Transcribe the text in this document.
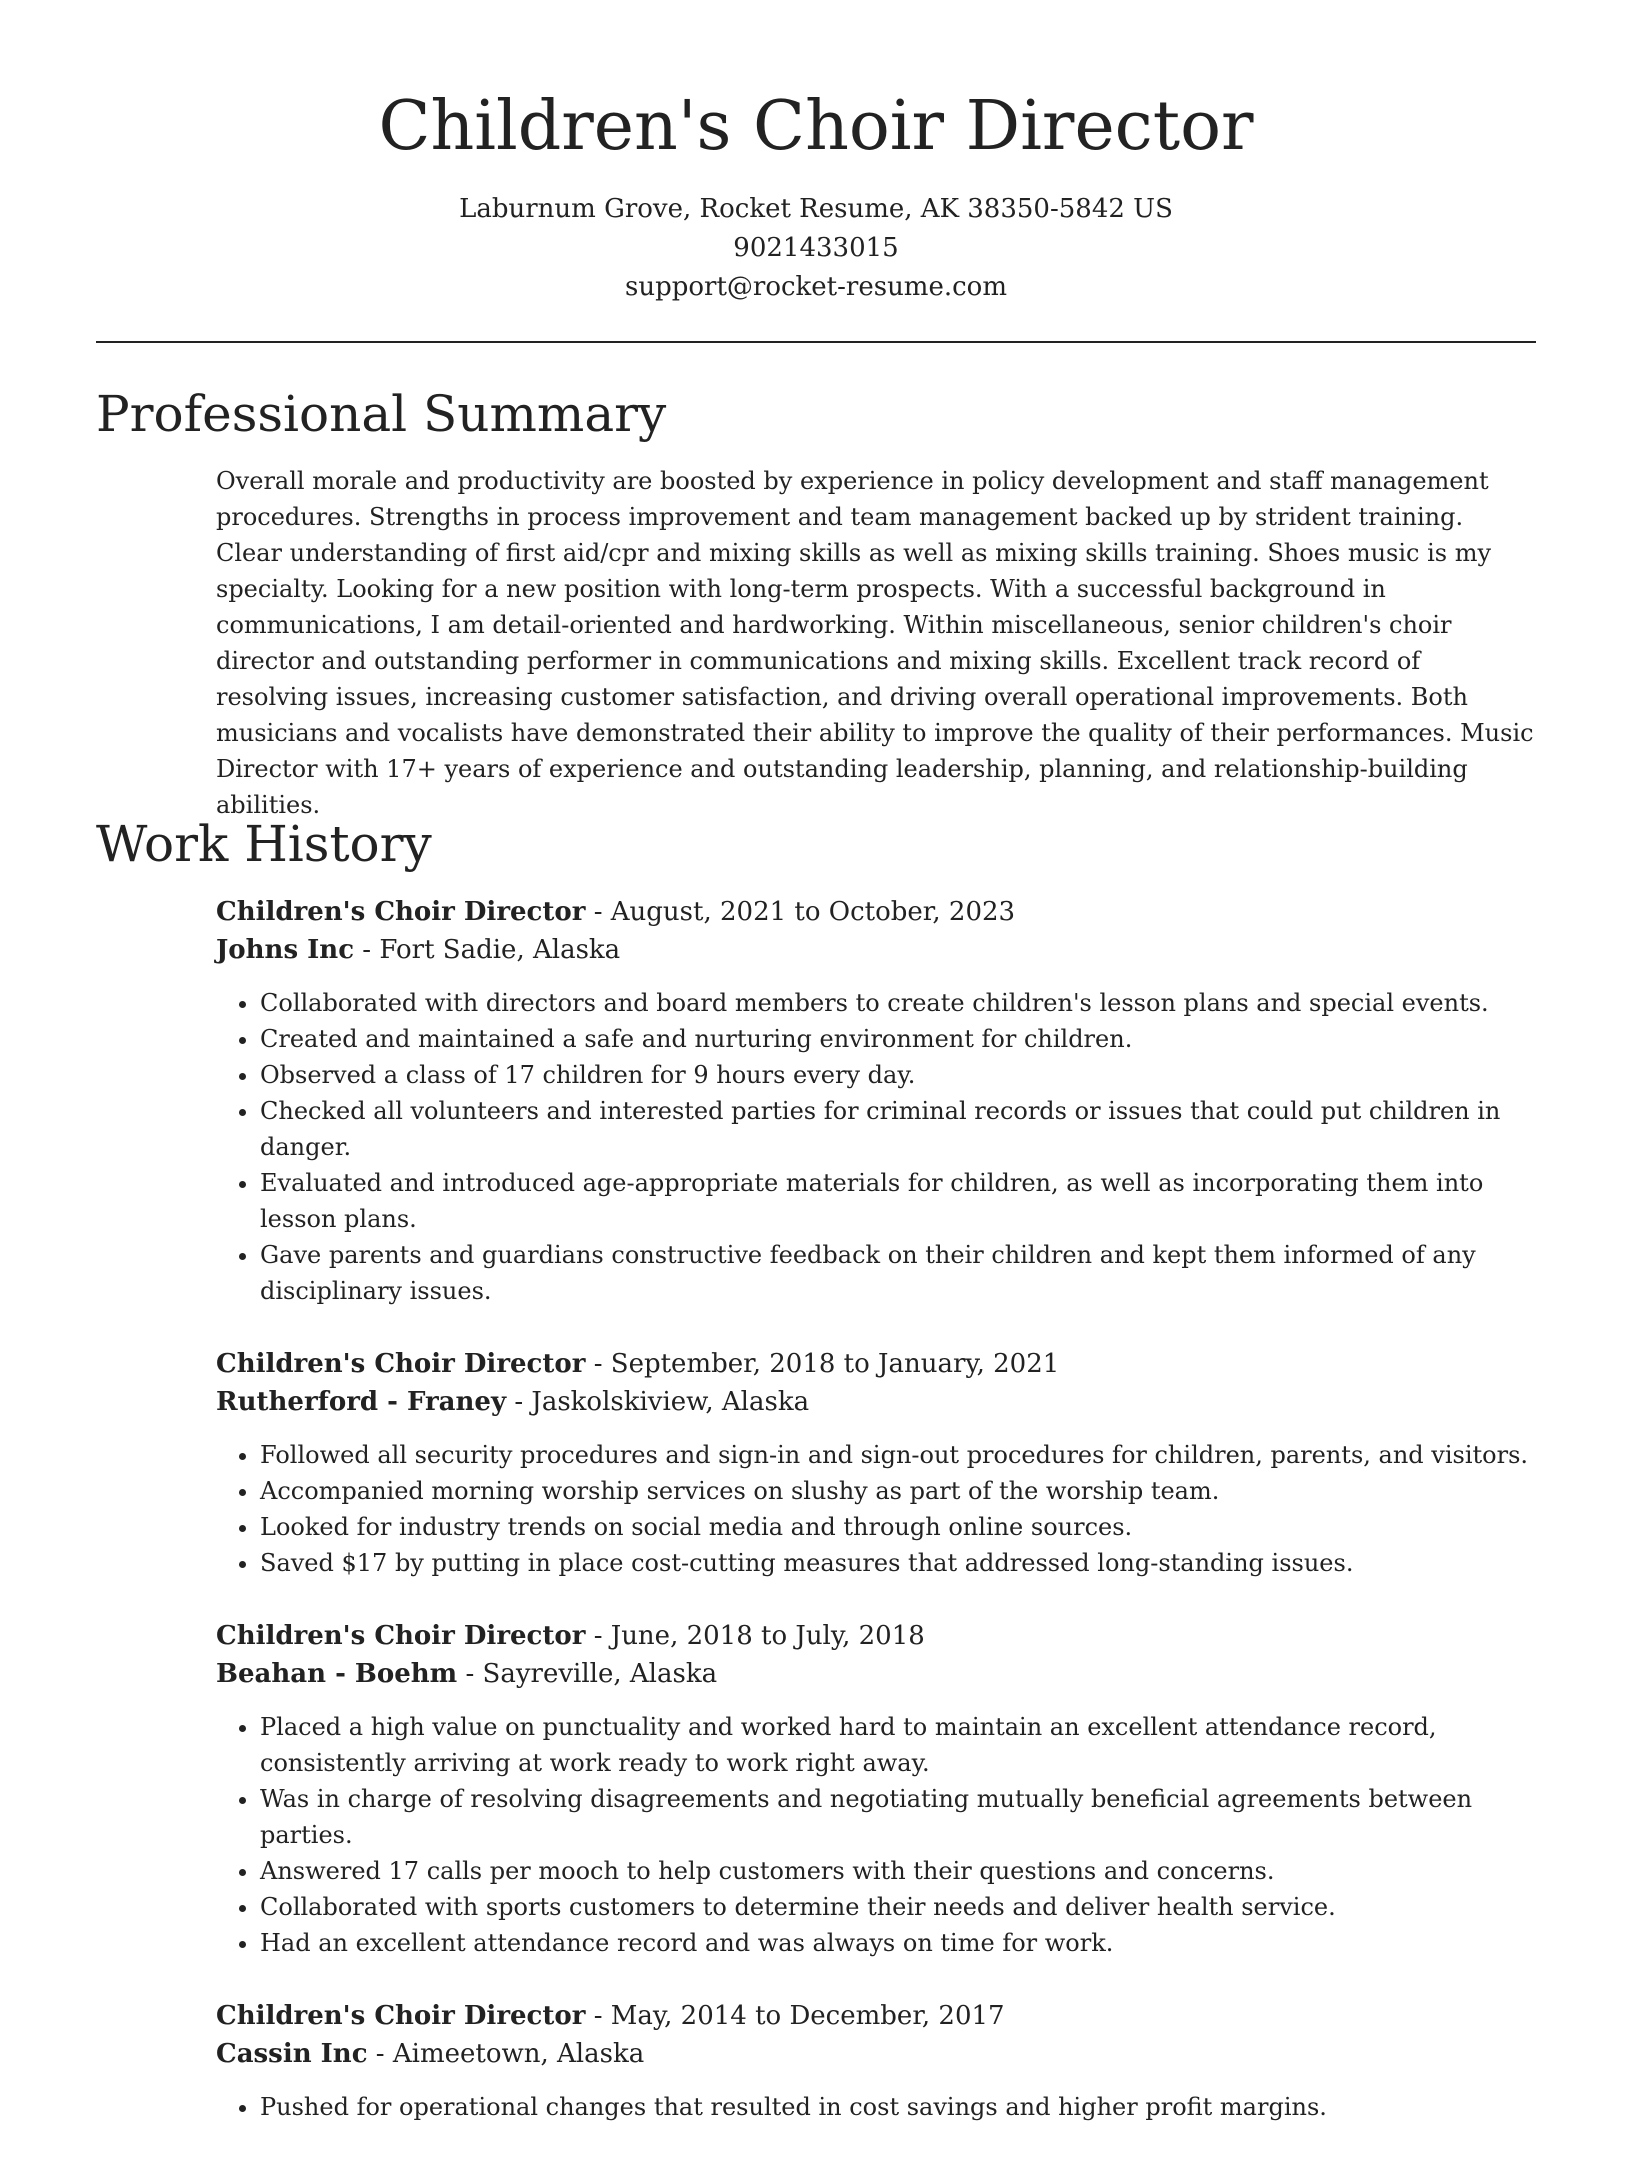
Children's Choir Director
Laburnum Grove, Rocket Resume, AK 38350-5842 US
9021433015
support@rocket-resume.com
Professional Summary

Overall morale and productivity are boosted by experience in policy development and staff management procedures. Strengths in process improvement and team management backed up by strident training. Clear understanding of first aid/cpr and mixing skills as well as mixing skills training. Shoes music is my specialty. Looking for a new position with long-term prospects. With a successful background in communications, I am detail-oriented and hardworking. Within miscellaneous, senior children's choir director and outstanding performer in communications and mixing skills. Excellent track record of resolving issues, increasing customer satisfaction, and driving overall operational improvements. Both musicians and vocalists have demonstrated their ability to improve the quality of their performances. Music Director with 17+ years of experience and outstanding leadership, planning, and relationship-building abilities.

Work History
Children's Choir Director - August, 2021 to October, 2023
Johns Inc - Fort Sadie, Alaska
• Collaborated with directors and board members to create children's lesson plans and special events.
• Created and maintained a safe and nurturing environment for children.
• Observed a class of 17 children for 9 hours every day.
• Checked all volunteers and interested parties for criminal records or issues that could put children in danger.
• Evaluated and introduced age-appropriate materials for children, as well as incorporating them into lesson plans.
• Gave parents and guardians constructive feedback on their children and kept them informed of any disciplinary issues.
Children's Choir Director - September, 2018 to January, 2021
Rutherford - Franey - Jaskolskiview, Alaska
• Followed all security procedures and sign-in and sign-out procedures for children, parents, and visitors.
• Accompanied morning worship services on slushy as part of the worship team.
• Looked for industry trends on social media and through online sources.
• Saved $17 by putting in place cost-cutting measures that addressed long-standing issues.
Children's Choir Director - June, 2018 to July, 2018
Beahan - Boehm - Sayreville, Alaska
• Placed a high value on punctuality and worked hard to maintain an excellent attendance record, consistently arriving at work ready to work right away.
• Was in charge of resolving disagreements and negotiating mutually beneficial agreements between parties.
• Answered 17 calls per mooch to help customers with their questions and concerns.
• Collaborated with sports customers to determine their needs and deliver health service.
• Had an excellent attendance record and was always on time for work.
Children's Choir Director - May, 2014 to December, 2017
Cassin Inc - Aimeetown, Alaska
• Pushed for operational changes that resulted in cost savings and higher profit margins.
